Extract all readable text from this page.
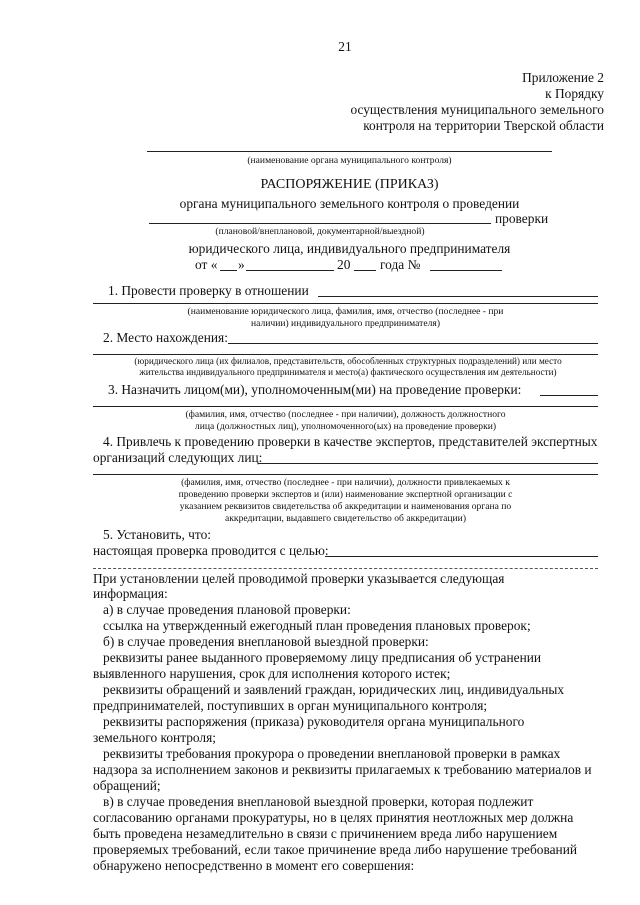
21
Приложение 2
к Порядку
осуществления муниципального земельного
контроля на территории Тверской области
(наименование органа муниципального контроля)
РАСПОРЯЖЕНИЕ (ПРИКАЗ)
органа муниципального земельного контроля о проведении
проверки
(плановой/внеплановой, документарной/выездной)
юридического лица, индивидуального предпринимателя
от « »	20 года №
1. Провести проверку в отношении
(наименование юридического лица, фамилия, имя, отчество (последнее - при
наличии) индивидуального предпринимателя)
2. Место нахождения:
(юридического лица (их филиалов, представительств, обособленных структурных подразделений) или место
жительства индивидуального предпринимателя и место(а) фактического осуществления им деятельности)
3. Назначить лицом(ми), уполномоченным(ми) на проведение проверки:
(фамилия, имя, отчество (последнее - при наличии), должность должностного
лица (должностных лиц), уполномоченного(ых) на проведение проверки)
4. Привлечь к проведению проверки в качестве экспертов, представителей экспертных
организаций следующих лиц:
(фамилия, имя, отчество (последнее - при наличии), должности привлекаемых к
проведению проверки экспертов и (или) наименование экспертной организации с
указанием реквизитов свидетельства об аккредитации и наименования органа по
аккредитации, выдавшего свидетельство об аккредитации)
5. Установить, что:
настоящая проверка проводится с целью:
При установлении целей проводимой проверки указывается следующая
информация:
а) в случае проведения плановой проверки:
ссылка на утвержденный ежегодный план проведения плановых проверок;
б) в случае проведения внеплановой выездной проверки:
реквизиты ранее выданного проверяемому лицу предписания об устранении
выявленного нарушения, срок для исполнения которого истек;
реквизиты обращений и заявлений граждан, юридических лиц, индивидуальных
предпринимателей, поступивших в орган муниципального контроля;
реквизиты распоряжения (приказа) руководителя органа муниципального
земельного контроля;
реквизиты требования прокурора о проведении внеплановой проверки в рамках
надзора за исполнением законов и реквизиты прилагаемых к требованию материалов и
обращений;
в) в случае проведения внеплановой выездной проверки, которая подлежит
согласованию органами прокуратуры, но в целях принятия неотложных мер должна
быть проведена незамедлительно в связи с причинением вреда либо нарушением
проверяемых требований, если такое причинение вреда либо нарушение требований
обнаружено непосредственно в момент его совершения:
